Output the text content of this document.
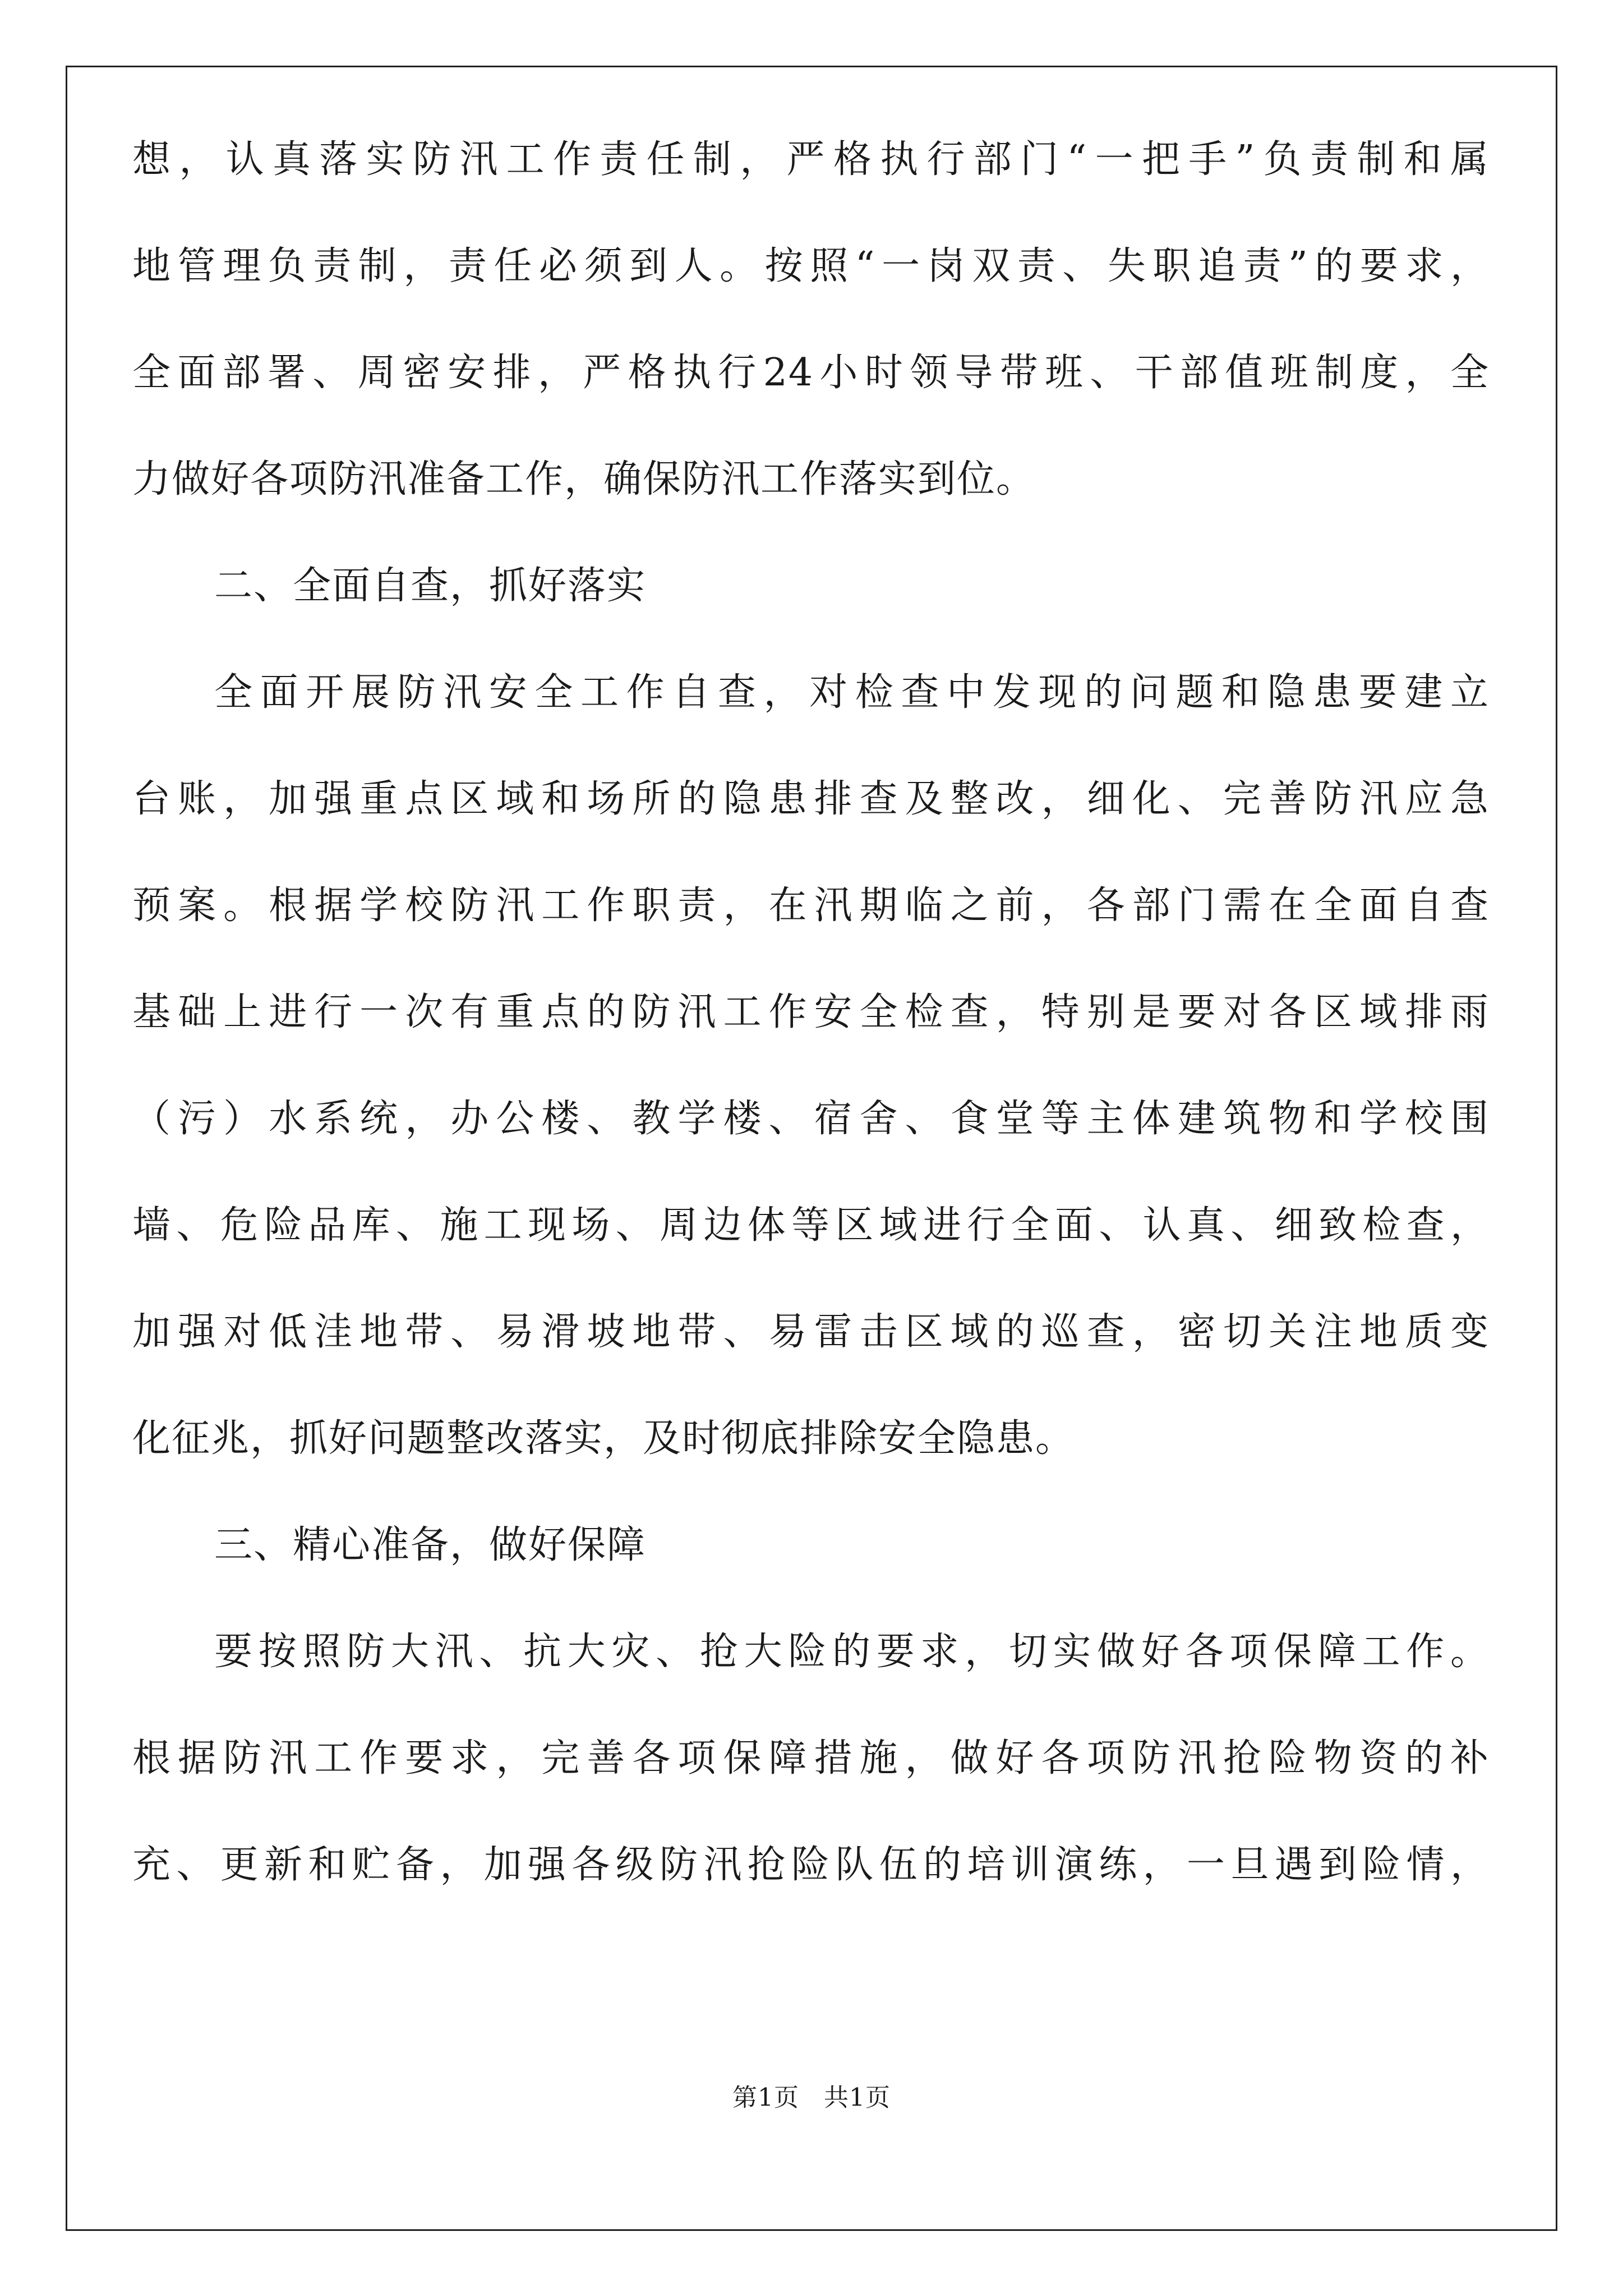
想，认真落实防汛工作责任制，严格执行部门“一把手”负责制和属
地管理负责制，责任必须到人。按照“一岗双责、失职追责”的要求，
全面部署、周密安排，严格执行24小时领导带班、干部值班制度，全
力做好各项防汛准备工作，确保防汛工作落实到位。
二、全面自查，抓好落实
全面开展防汛安全工作自查，对检查中发现的问题和隐患要建立
台账，加强重点区域和场所的隐患排查及整改，细化、完善防汛应急
预案。根据学校防汛工作职责，在汛期临之前，各部门需在全面自查
基础上进行一次有重点的防汛工作安全检查，特别是要对各区域排雨
（污）水系统，办公楼、教学楼、宿舍、食堂等主体建筑物和学校围
墙、危险品库、施工现场、周边体等区域进行全面、认真、细致检查，
加强对低洼地带、易滑坡地带、易雷击区域的巡查，密切关注地质变
化征兆，抓好问题整改落实，及时彻底排除安全隐患。
三、精心准备，做好保障
要按照防大汛、抗大灾、抢大险的要求，切实做好各项保障工作。
根据防汛工作要求，完善各项保障措施，做好各项防汛抢险物资的补
充、更新和贮备，加强各级防汛抢险队伍的培训演练，一旦遇到险情，
第1页 共1页
